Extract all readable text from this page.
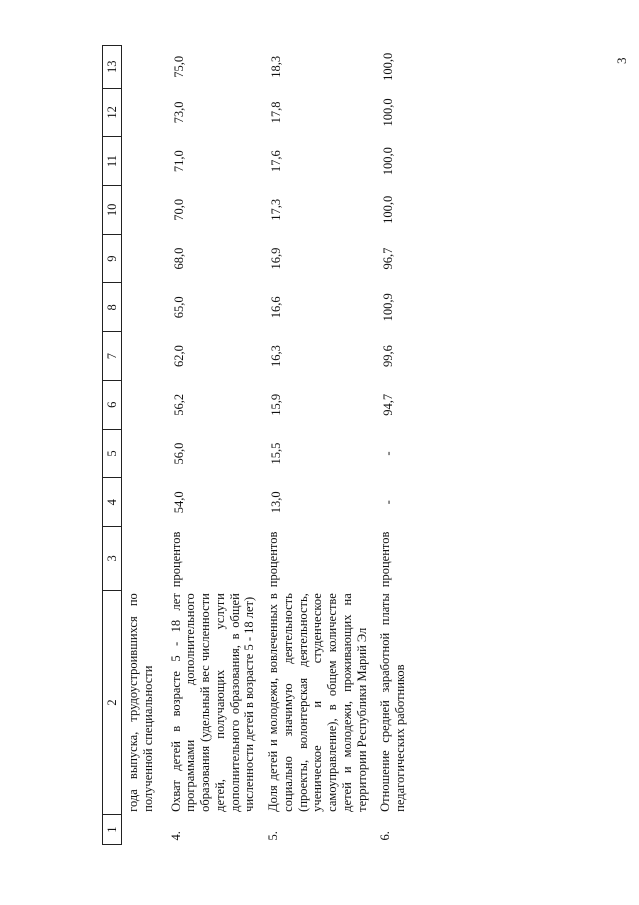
3
1	2	3	4	5	6	7	8	9	10	11	12	13
	года выпуска, трудоустроившихся по полученной специальности											
4.	Охват детей в возрасте 5 - 18 лет программами дополнительного образования (удельный вес численности детей, получающих услуги дополнительного образования, в общей численности детей в возрасте 5 - 18 лет)	процентов	54,0	56,0	56,2	62,0	65,0	68,0	70,0	71,0	73,0	75,0
5.	Доля детей и молодежи, вовлеченных в социально значимую деятельность (проекты, волонтерская деятельность, ученическое и студенческое самоуправление), в общем количестве детей и молодежи, проживающих на территории Республики Марий Эл	процентов	13,0	15,5	15,9	16,3	16,6	16,9	17,3	17,6	17,8	18,3
6.	Отношение средней заработной платы педагогических работников	процентов	-	-	94,7	99,6	100,9	96,7	100,0	100,0	100,0	100,0
